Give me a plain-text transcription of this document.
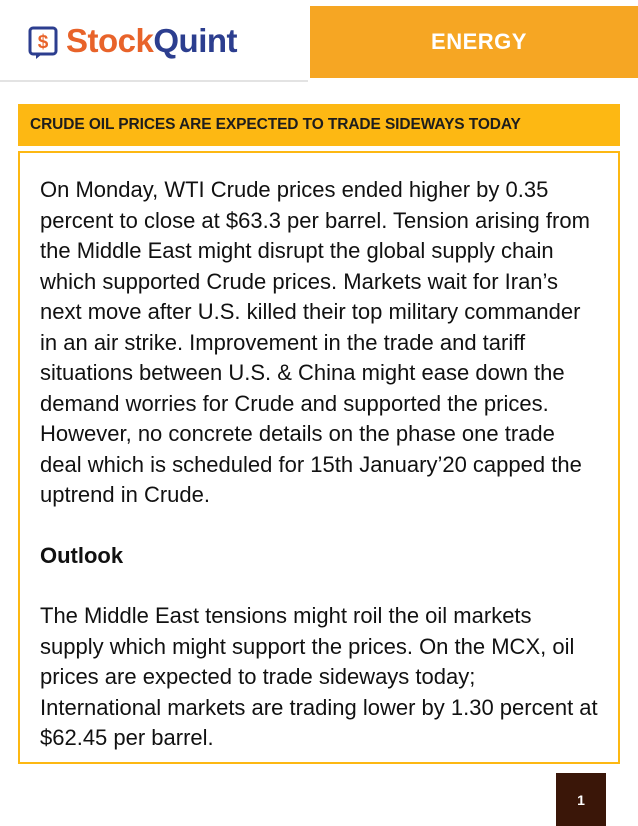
$ StockQuint	ENERGY
CRUDE OIL PRICES ARE EXPECTED TO TRADE SIDEWAYS TODAY

On Monday, WTI Crude prices ended higher by 0.35 percent to close at $63.3 per barrel. Tension arising from the Middle East might disrupt the global supply chain which supported Crude prices. Markets wait for Iran’s next move after U.S. killed their top military commander in an air strike. Improvement in the trade and tariff situations between U.S. & China might ease down the demand worries for Crude and supported the prices. However, no concrete details on the phase one trade deal which is scheduled for 15th January’20 capped the uptrend in Crude.

Outlook

The Middle East tensions might roil the oil markets supply which might support the prices. On the MCX, oil prices are expected to trade sideways today; International markets are trading lower by 1.30 percent at $62.45 per barrel.

1
